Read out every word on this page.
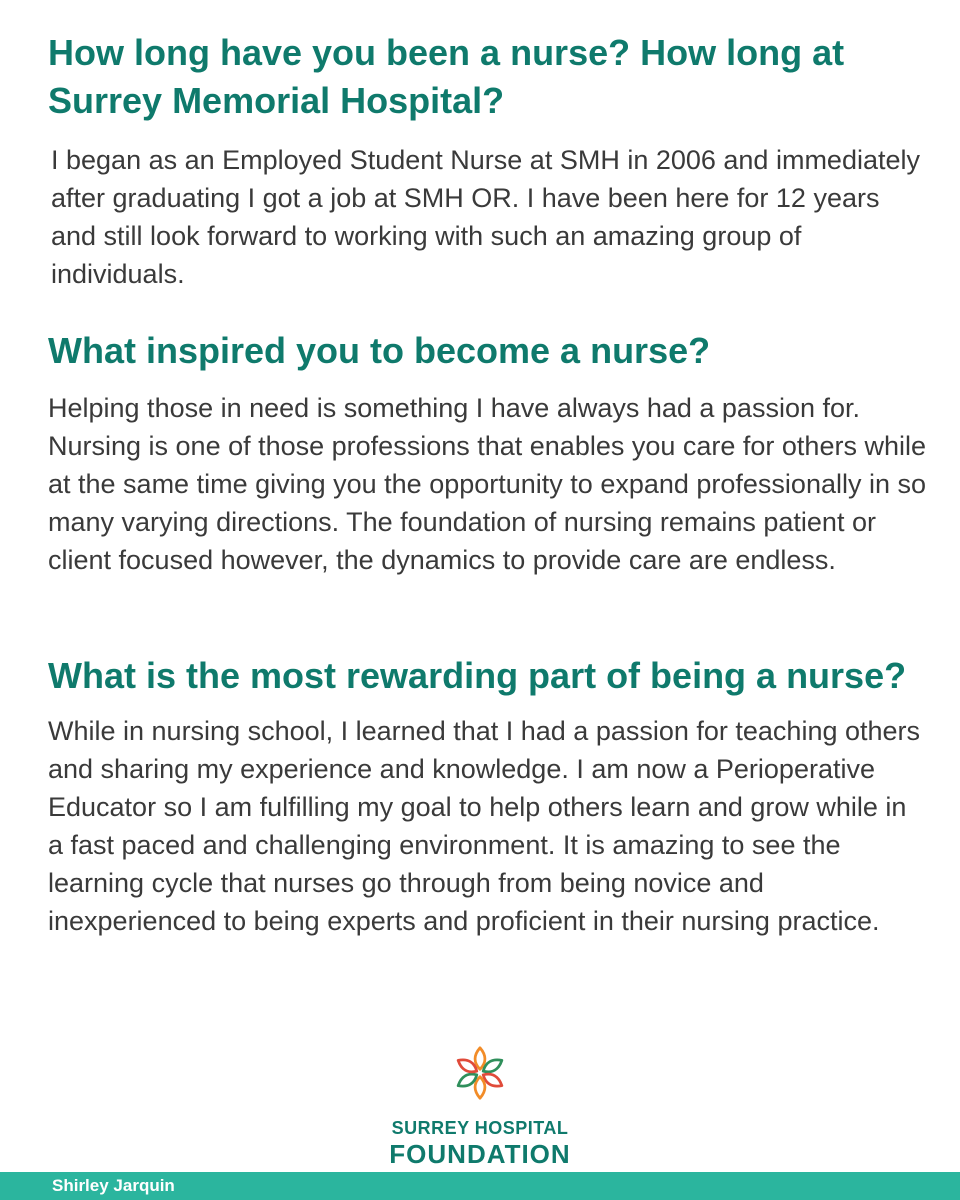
How long have you been a nurse? How long at Surrey Memorial Hospital?

I began as an Employed Student Nurse at SMH in 2006 and immediately after graduating I got a job at SMH OR. I have been here for 12 years and still look forward to working with such an amazing group of individuals.

What inspired you to become a nurse?

Helping those in need is something I have always had a passion for. Nursing is one of those professions that enables you care for others while at the same time giving you the opportunity to expand professionally in so many varying directions. The foundation of nursing remains patient or client focused however, the dynamics to provide care are endless.

What is the most rewarding part of being a nurse?

While in nursing school, I learned that I had a passion for teaching others and sharing my experience and knowledge. I am now a Perioperative Educator so I am fulfilling my goal to help others learn and grow while in a fast paced and challenging environment. It is amazing to see the learning cycle that nurses go through from being novice and inexperienced to being experts and proficient in their nursing practice.

SURREY HOSPITAL
FOUNDATION
Shirley Jarquin
